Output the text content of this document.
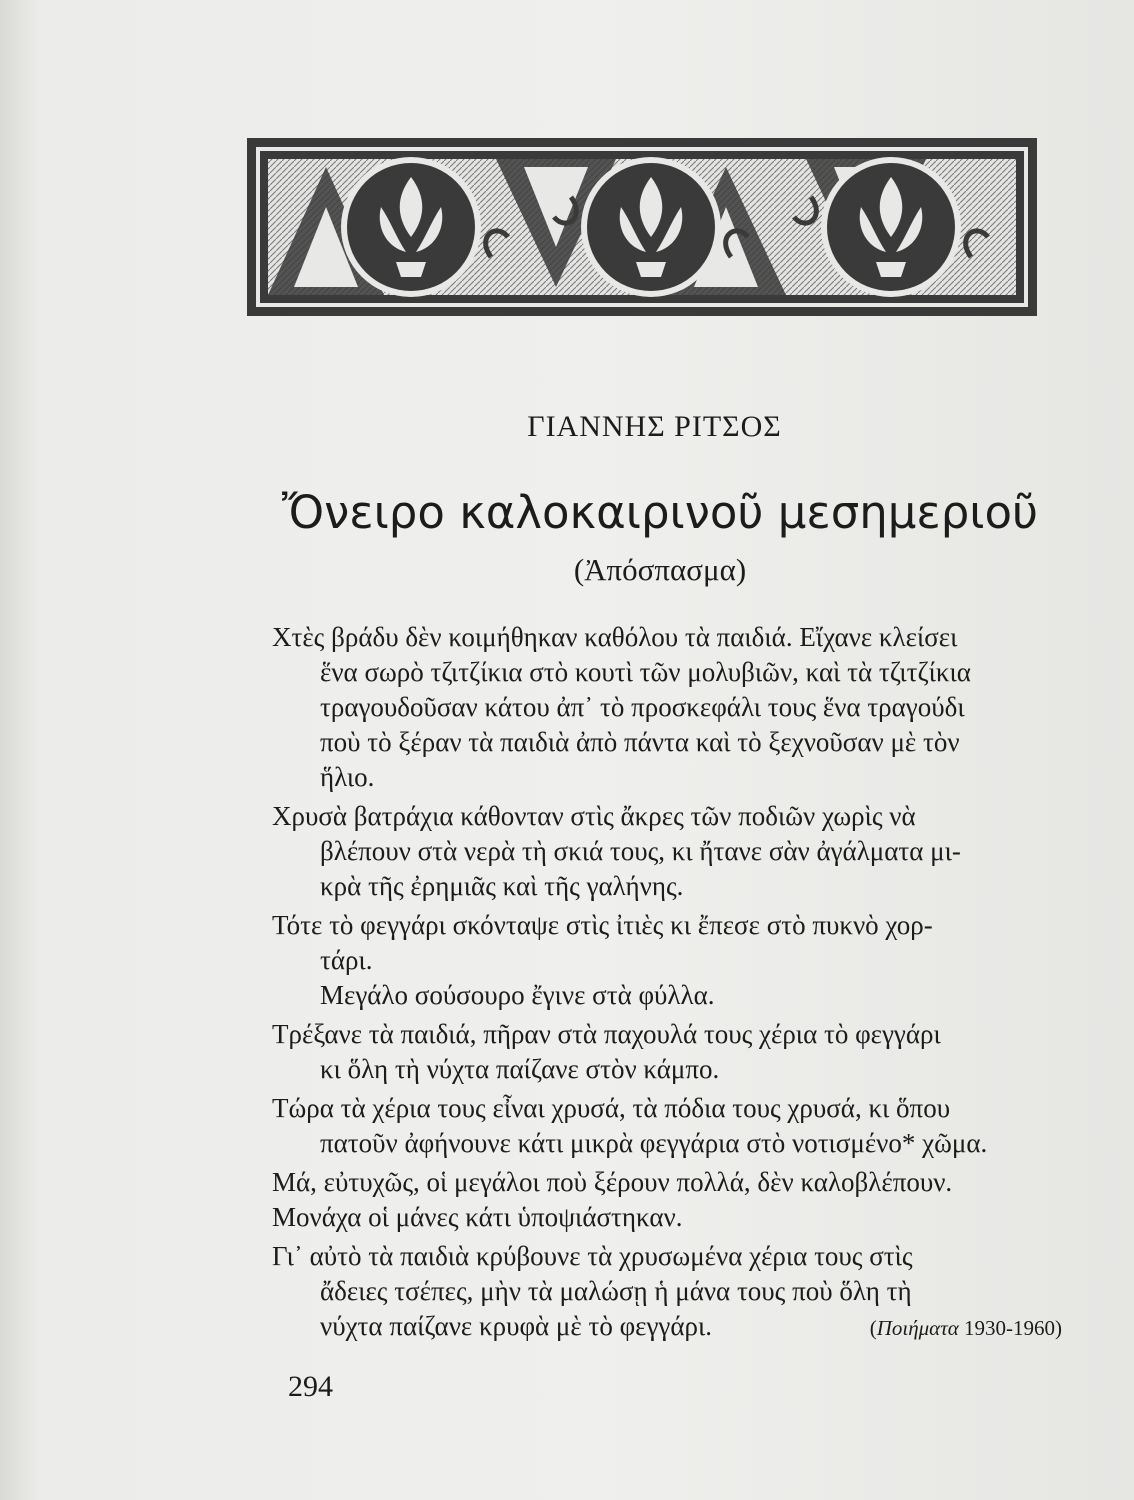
ΓΙΑΝΝΗΣ ΡΙΤΣΟΣ
Ὄνειρο καλοκαιρινοῦ μεσημεριοῦ
(Ἀπόσπασμα)
Χτὲς βράδυ δὲν κοιμήθηκαν καθόλου τὰ παιδιά. Εἴχανε κλείσει
ἕνα σωρὸ τζιτζίκια στὸ κουτὶ τῶν μολυβιῶν, καὶ τὰ τζιτζίκια
τραγουδοῦσαν κάτου ἀπ᾽ τὸ προσκεφάλι τους ἕνα τραγούδι
ποὺ τὸ ξέραν τὰ παιδιὰ ἀπὸ πάντα καὶ τὸ ξεχνοῦσαν μὲ τὸν
ἥλιο.
Χρυσὰ βατράχια κάθονταν στὶς ἄκρες τῶν ποδιῶν χωρὶς νὰ
βλέπουν στὰ νερὰ τὴ σκιά τους, κι ἤτανε σὰν ἀγάλματα μι-
κρὰ τῆς ἐρημιᾶς καὶ τῆς γαλήνης.
Τότε τὸ φεγγάρι σκόνταψε στὶς ἰτιὲς κι ἔπεσε στὸ πυκνὸ χορ-
τάρι.
Μεγάλο σούσουρο ἔγινε στὰ φύλλα.
Τρέξανε τὰ παιδιά, πῆραν στὰ παχουλά τους χέρια τὸ φεγγάρι
κι ὅλη τὴ νύχτα παίζανε στὸν κάμπο.
Τώρα τὰ χέρια τους εἶναι χρυσά, τὰ πόδια τους χρυσά, κι ὅπου
πατοῦν ἀφήνουνε κάτι μικρὰ φεγγάρια στὸ νοτισμένο* χῶμα.
Μά, εὐτυχῶς, οἱ μεγάλοι ποὺ ξέρουν πολλά, δὲν καλοβλέπουν.
Μονάχα οἱ μάνες κάτι ὑποψιάστηκαν.
Γι᾽ αὐτὸ τὰ παιδιὰ κρύβουνε τὰ χρυσωμένα χέρια τους στὶς
ἄδειες τσέπες, μὴν τὰ μαλώσῃ ἡ μάνα τους ποὺ ὅλη τὴ
νύχτα παίζανε κρυφὰ μὲ τὸ φεγγάρι.	(Ποιήματα 1930-1960)
294
